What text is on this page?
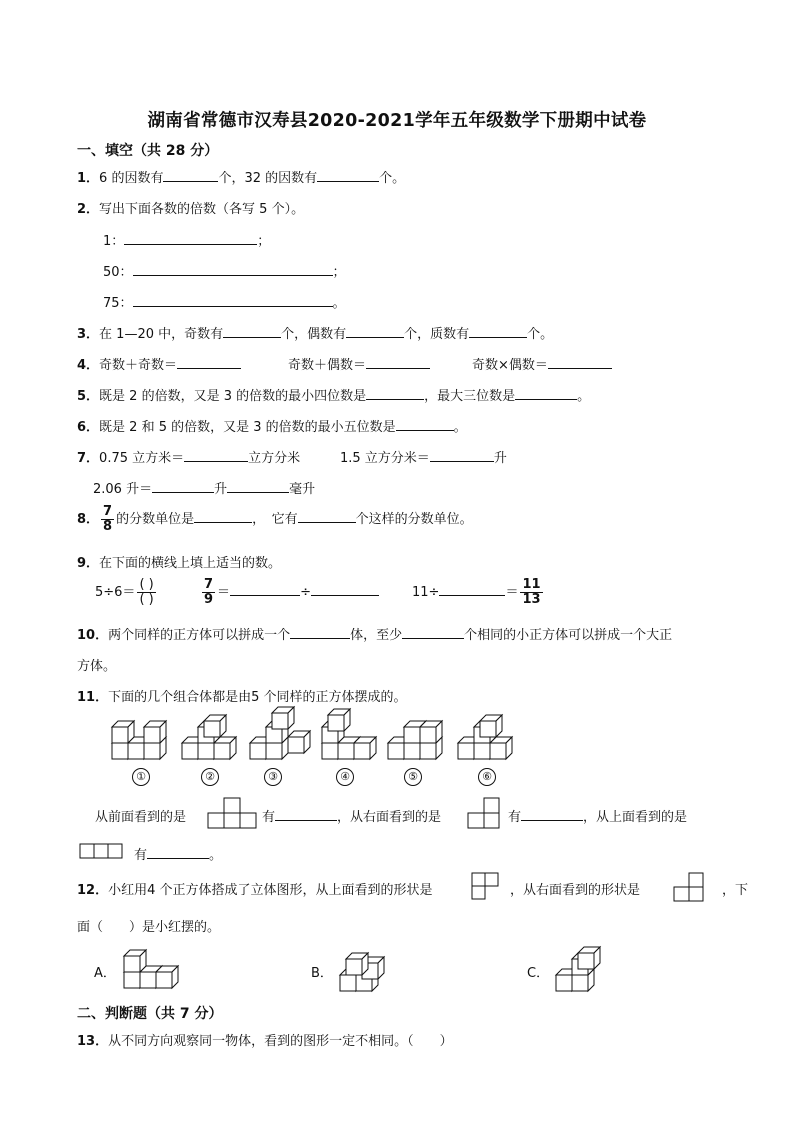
湖南省常德市汉寿县2020-2021学年五年级数学下册期中试卷
一、填空（共 28 分）
1．6 的因数有	个，32 的因数有	个。
2．写出下面各数的倍数（各写 5 个）。
1：	；
50：	；
75：	。
3．在 1—20 中，奇数有	个，偶数有	个，质数有	个。
4．奇数＋奇数＝	奇数＋偶数＝	奇数×偶数＝
5．既是 2 的倍数，又是 3 的倍数的最小四位数是	，最大三位数是	。
6．既是 2 和 5 的倍数，又是 3 的倍数的最小五位数是	。
7．0.75 立方米＝	立方分米	1.5 立方分米＝	升
2.06 升＝	升	毫升
8． $\frac{7}{8}$ 的分数单位是	，　它有	个这样的分数单位。
9．在下面的横线上填上适当的数。
$5\div 6= \frac{( )}{( )}$	$\frac{7}{9}$ ＝	÷	11÷	＝ $\frac{11}{13}$
10．两个同样的正方体可以拼成一个	体，至少	个相同的小正方体可以拼成一个大正
方体。
11．下面的几个组合体都是由5 个同样的正方体摆成的。
①	②	③	④	⑤	⑥
从前面看到的是	有	，从右面看到的是	有	，从上面看到的是
有	。
12．小红用4 个正方体搭成了立体图形，从上面看到的形状是	，从右面看到的形状是	，下
面（　　）是小红摆的。
A．	B．	C．
二、判断题（共 7 分）
13．从不同方向观察同一物体，看到的图形一定不相同。（　　）
